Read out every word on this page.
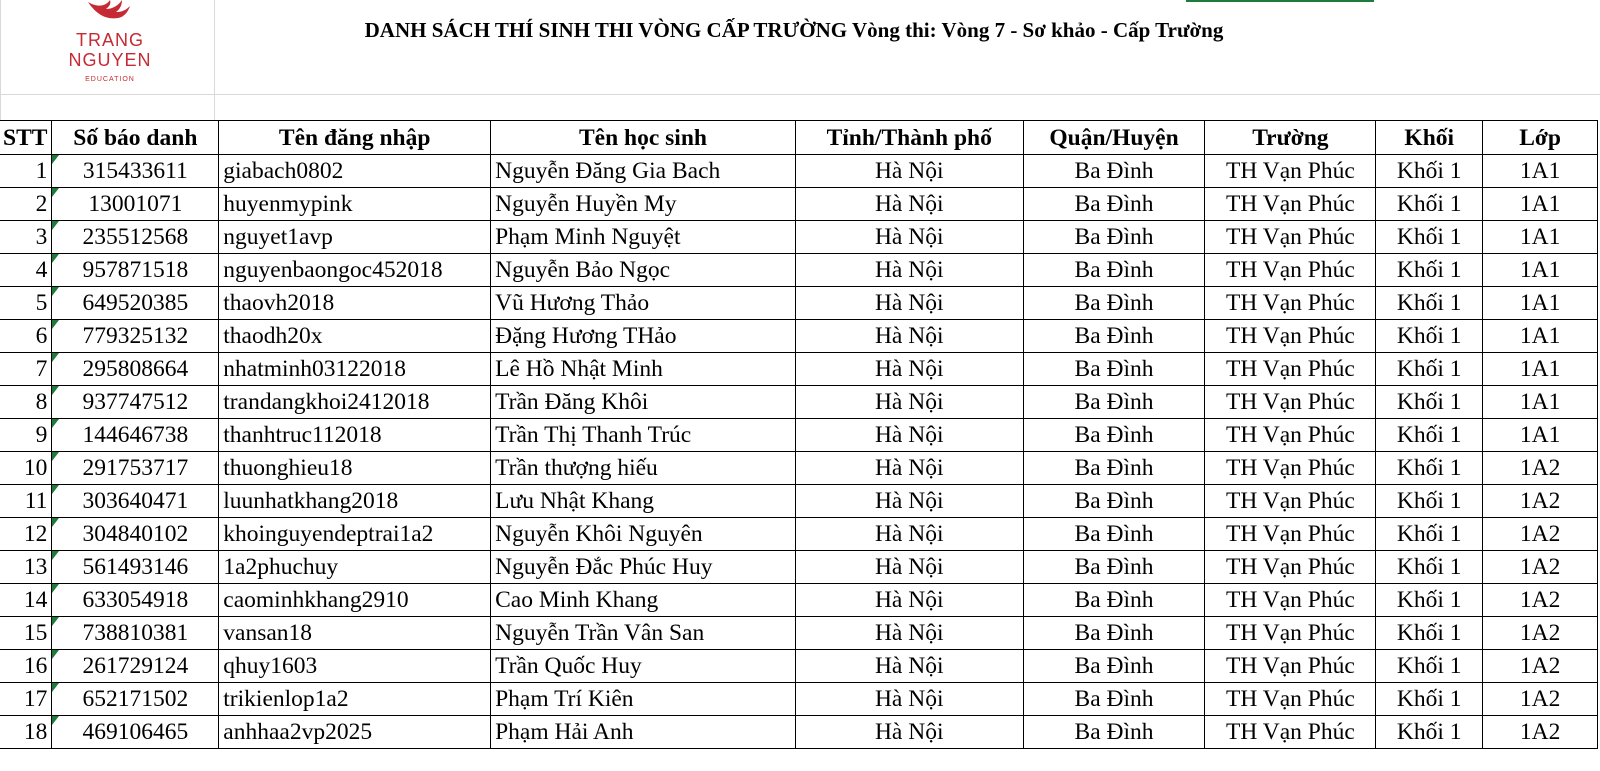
TRANG
NGUYEN
EDUCATION
DANH SÁCH THÍ SINH THI VÒNG CẤP TRƯỜNG Vòng thi: Vòng 7 - Sơ khảo - Cấp Trường
STT	Số báo danh	Tên đăng nhập	Tên học sinh	Tỉnh/Thành phố	Quận/Huyện	Trường	Khối	Lớp
1	315433611	giabach0802	Nguyễn Đăng Gia Bach	Hà Nội	Ba Đình	TH Vạn Phúc	Khối 1	1A1
2	13001071	huyenmypink	Nguyễn Huyền My	Hà Nội	Ba Đình	TH Vạn Phúc	Khối 1	1A1
3	235512568	nguyet1avp	Phạm Minh Nguyệt	Hà Nội	Ba Đình	TH Vạn Phúc	Khối 1	1A1
4	957871518	nguyenbaongoc452018	Nguyễn Bảo Ngọc	Hà Nội	Ba Đình	TH Vạn Phúc	Khối 1	1A1
5	649520385	thaovh2018	Vũ Hương Thảo	Hà Nội	Ba Đình	TH Vạn Phúc	Khối 1	1A1
6	779325132	thaodh20x	Đặng Hương THảo	Hà Nội	Ba Đình	TH Vạn Phúc	Khối 1	1A1
7	295808664	nhatminh03122018	Lê Hồ Nhật Minh	Hà Nội	Ba Đình	TH Vạn Phúc	Khối 1	1A1
8	937747512	trandangkhoi2412018	Trần Đăng Khôi	Hà Nội	Ba Đình	TH Vạn Phúc	Khối 1	1A1
9	144646738	thanhtruc112018	Trần Thị Thanh Trúc	Hà Nội	Ba Đình	TH Vạn Phúc	Khối 1	1A1
10	291753717	thuonghieu18	Trần thượng hiếu	Hà Nội	Ba Đình	TH Vạn Phúc	Khối 1	1A2
11	303640471	luunhatkhang2018	Lưu Nhật Khang	Hà Nội	Ba Đình	TH Vạn Phúc	Khối 1	1A2
12	304840102	khoinguyendeptrai1a2	Nguyễn Khôi Nguyên	Hà Nội	Ba Đình	TH Vạn Phúc	Khối 1	1A2
13	561493146	1a2phuchuy	Nguyễn Đắc Phúc Huy	Hà Nội	Ba Đình	TH Vạn Phúc	Khối 1	1A2
14	633054918	caominhkhang2910	Cao Minh Khang	Hà Nội	Ba Đình	TH Vạn Phúc	Khối 1	1A2
15	738810381	vansan18	Nguyễn Trần Vân San	Hà Nội	Ba Đình	TH Vạn Phúc	Khối 1	1A2
16	261729124	qhuy1603	Trần Quốc Huy	Hà Nội	Ba Đình	TH Vạn Phúc	Khối 1	1A2
17	652171502	trikienlop1a2	Phạm Trí Kiên	Hà Nội	Ba Đình	TH Vạn Phúc	Khối 1	1A2
18	469106465	anhhaa2vp2025	Phạm Hải Anh	Hà Nội	Ba Đình	TH Vạn Phúc	Khối 1	1A2
